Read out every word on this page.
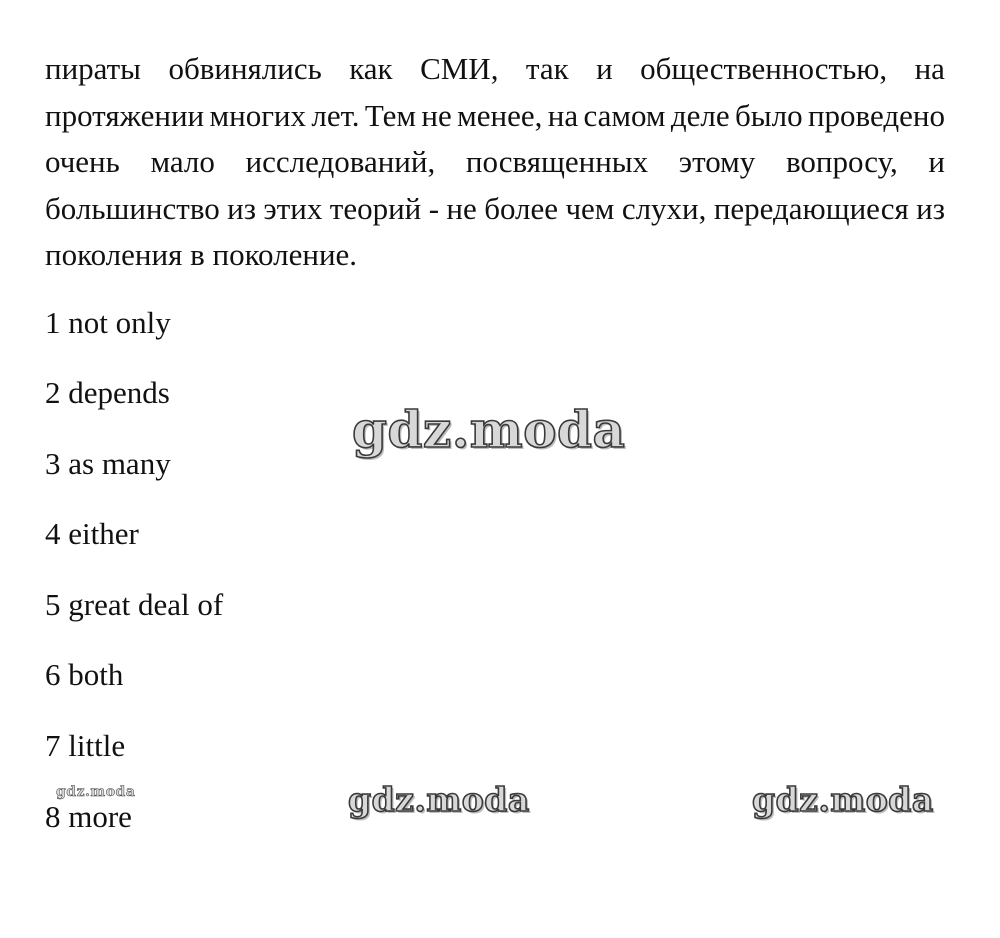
пираты обвинялись как СМИ, так и общественностью, на
протяжении многих лет. Тем не менее, на самом деле было проведено
очень мало исследований, посвященных этому вопросу, и
большинство из этих теорий - не более чем слухи, передающиеся из
поколения в поколение.
1 not only
2 depends
3 as many
4 either
5 great deal of
6 both
7 little
8 more
gdz.moda
gdz.moda	gdz.moda
gdz.moda
